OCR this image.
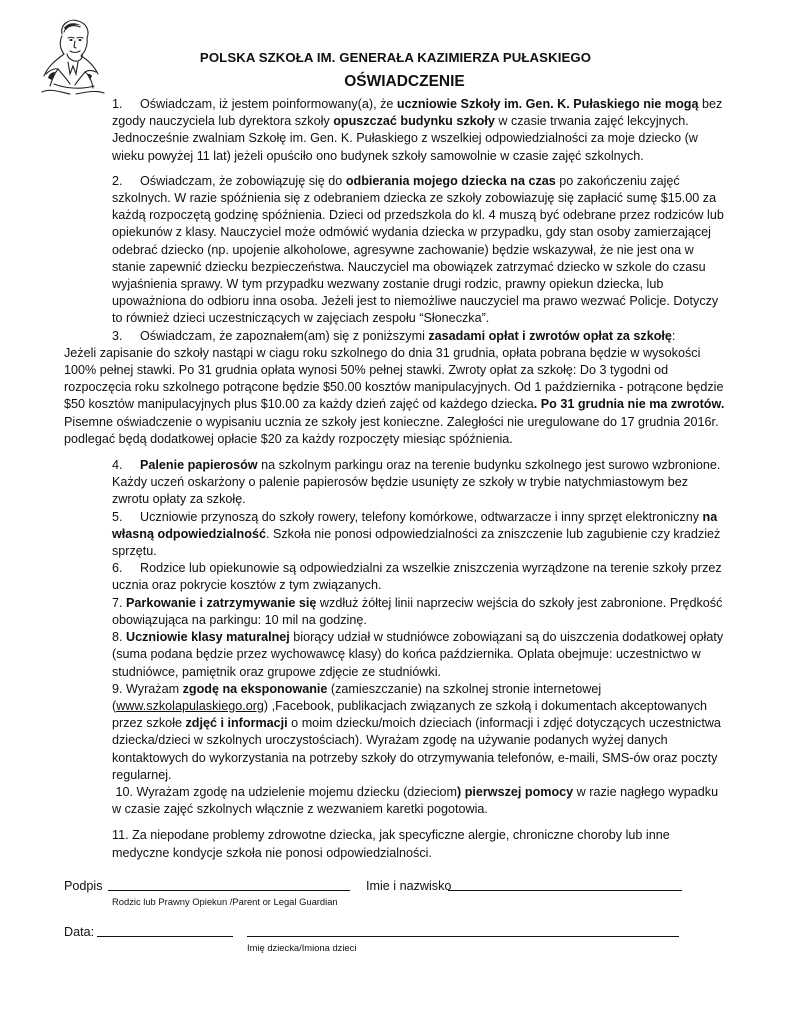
POLSKA SZKOŁA IM. GENERAŁA KAZIMIERZA PUŁASKIEGO
OŚWIADCZENIE

1. Oświadczam, iż jestem poinformowany(a), że uczniowie Szkoły im. Gen. K. Pułaskiego nie mogą bez zgody nauczyciela lub dyrektora szkoły opuszczać budynku szkoły w czasie trwania zajęć lekcyjnych. Jednocześnie zwalniam Szkołę im. Gen. K. Pułaskiego z wszelkiej odpowiedzialności za moje dziecko (w wieku powyżej 11 lat) jeżeli opuściło ono budynek szkoły samowolnie w czasie zajęć szkolnych.

2. Oświadczam, że zobowiązuję się do odbierania mojego dziecka na czas po zakończeniu zajęć szkolnych. W razie spóźnienia się z odebraniem dziecka ze szkoły zobowiazuję się zapłacić sumę $15.00 za każdą rozpoczętą godzinę spóźnienia. Dzieci od przedszkola do kl. 4 muszą być odebrane przez rodziców lub opiekunów z klasy. Nauczyciel może odmówić wydania dziecka w przypadku, gdy stan osoby zamierzającej odebrać dziecko (np. upojenie alkoholowe, agresywne zachowanie) będzie wskazywał, że nie jest ona w stanie zapewnić dziecku bezpieczeństwa. Nauczyciel ma obowiązek zatrzymać dziecko w szkole do czasu wyjaśnienia sprawy. W tym przypadku wezwany zostanie drugi rodzic, prawny opiekun dziecka, lub upoważniona do odbioru inna osoba. Jeżeli jest to niemożliwe nauczyciel ma prawo wezwać Policje. Dotyczy to również dzieci uczestniczących w zajęciach zespołu “Słoneczka”.

3. Oświadczam, że zapoznałem(am) się z poniższymi zasadami opłat i zwrotów opłat za szkołę:

Jeżeli zapisanie do szkoły nastąpi w ciagu roku szkolnego do dnia 31 grudnia, opłata pobrana będzie w wysokości 100% pełnej stawki. Po 31 grudnia opłata wynosi 50% pełnej stawki. Zwroty opłat za szkołę: Do 3 tygodni od rozpoczęcia roku szkolnego potrącone będzie $50.00 kosztów manipulacyjnych. Od 1 października - potrącone będzie $50 kosztów manipulacyjnych plus $10.00 za każdy dzień zajęć od każdego dziecka. Po 31 grudnia nie ma zwrotów. Pisemne oświadczenie o wypisaniu ucznia ze szkoły jest konieczne. Zaległości nie uregulowane do 17 grudnia 2016r. podlegać będą dodatkowej opłacie $20 za każdy rozpoczęty miesiąc spóźnienia.

4. Palenie papierosów na szkolnym parkingu oraz na terenie budynku szkolnego jest surowo wzbronione. Każdy uczeń oskarżony o palenie papierosów będzie usunięty ze szkoły w trybie natychmiastowym bez zwrotu opłaty za szkołę.

5. Uczniowie przynoszą do szkoły rowery, telefony komórkowe, odtwarzacze i inny sprzęt elektroniczny na własną odpowiedzialność. Szkoła nie ponosi odpowiedzialności za zniszczenie lub zagubienie czy kradzież sprzętu.

6. Rodzice lub opiekunowie są odpowiedzialni za wszelkie zniszczenia wyrządzone na terenie szkoły przez ucznia oraz pokrycie kosztów z tym związanych.

7. Parkowanie i zatrzymywanie się wzdłuż żółtej linii naprzeciw wejścia do szkoły jest zabronione. Prędkość obowiązująca na parkingu: 10 mil na godzinę.

8. Uczniowie klasy maturalnej biorący udział w studniówce zobowiązani są do uiszczenia dodatkowej opłaty (suma podana będzie przez wychowawcę klasy) do końca października. Oplata obejmuje: uczestnictwo w studniówce, pamiętnik oraz grupowe zdjęcie ze studniówki.

9. Wyrażam zgodę na eksponowanie (zamieszczanie) na szkolnej stronie internetowej (www.szkolapulaskiego.org) ,Facebook, publikacjach związanych ze szkołą i dokumentach akceptowanych przez szkołe zdjęć i informacji o moim dziecku/moich dzieciach (informacji i zdjęć dotyczących uczestnictwa dziecka/dzieci w szkolnych uroczystościach). Wyrażam zgodę na używanie podanych wyżej danych kontaktowych do wykorzystania na potrzeby szkoły do otrzymywania telefonów, e-maili, SMS-ów oraz poczty regularnej.

10. Wyrażam zgodę na udzielenie mojemu dziecku (dzieciom) pierwszej pomocy w razie nagłego wypadku w czasie zajęć szkolnych włącznie z wezwaniem karetki pogotowia.

11. Za niepodane problemy zdrowotne dziecka, jak specyficzne alergie, chroniczne choroby lub inne medyczne kondycje szkoła nie ponosi odpowiedzialności.

Podpis
Rodzic lub Prawny Opiekun /Parent or Legal Guardian
Imie i nazwisko
Data:
Imię dziecka/Imiona dzieci
